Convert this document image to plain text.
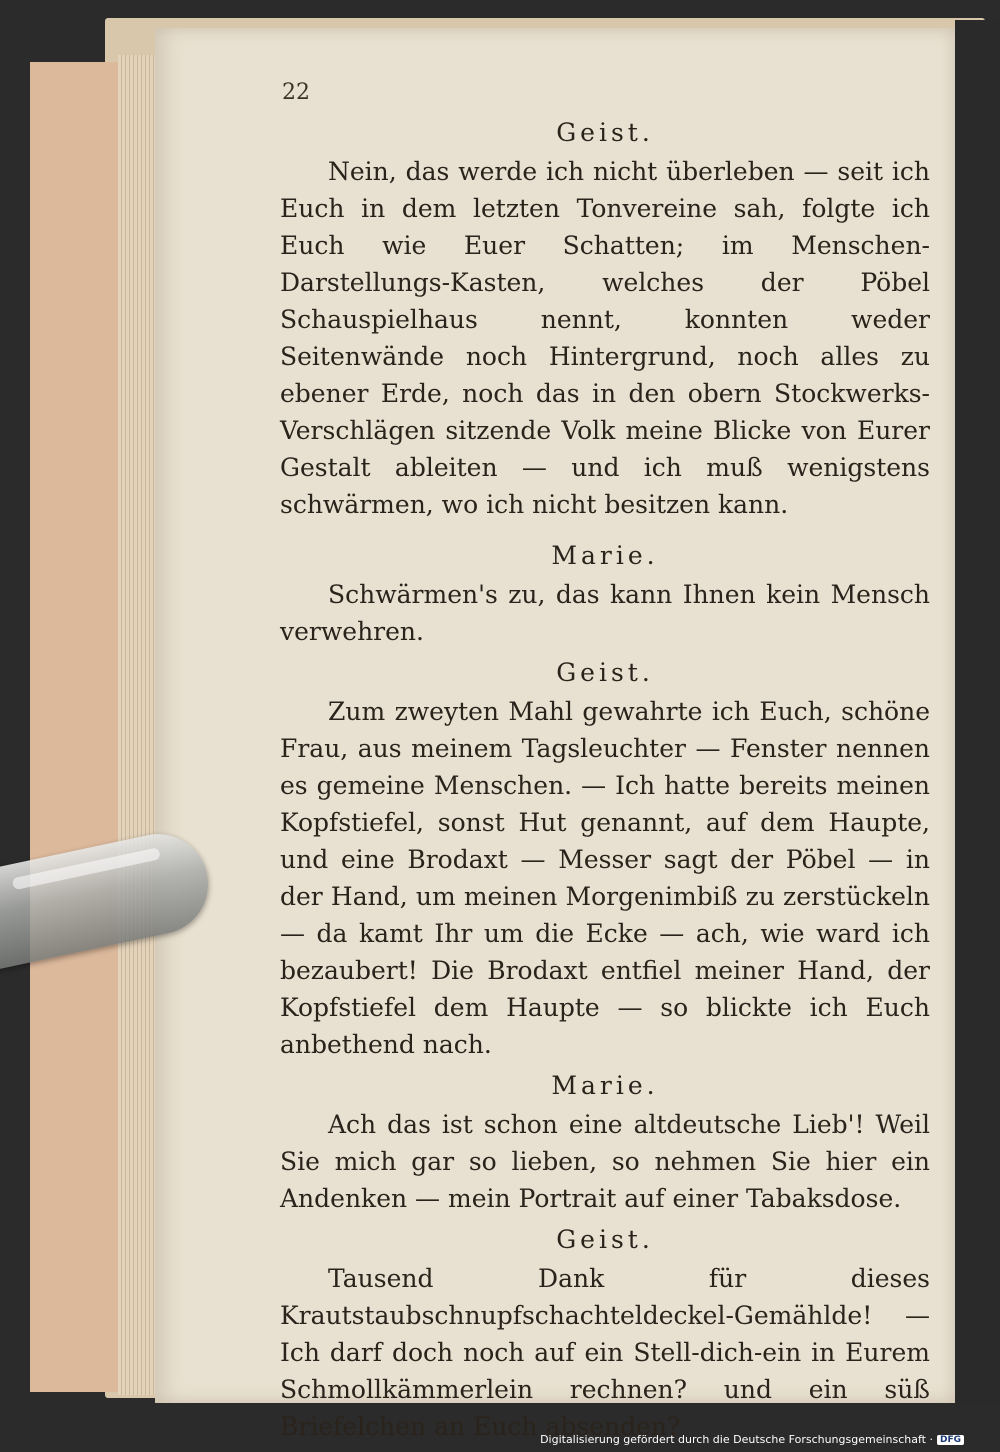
22
Geist.

Nein, das werde ich nicht überleben — seit ich Euch in dem letzten Tonvereine sah, folgte ich Euch wie Euer Schatten; im Menschen-Darstellungs-Kasten, welches der Pöbel Schauspielhaus nennt, konnten weder Seitenwände noch Hintergrund, noch alles zu ebener Erde, noch das in den obern Stockwerks-Verschlägen sitzende Volk meine Blicke von Eurer Gestalt ableiten — und ich muß wenigstens schwärmen, wo ich nicht besitzen kann.

Marie.

Schwärmen's zu, das kann Ihnen kein Mensch verwehren.

Geist.

Zum zweyten Mahl gewahrte ich Euch, schöne Frau, aus meinem Tagsleuchter — Fenster nennen es gemeine Menschen. — Ich hatte bereits meinen Kopfstiefel, sonst Hut genannt, auf dem Haupte, und eine Brodaxt — Messer sagt der Pöbel — in der Hand, um meinen Morgenimbiß zu zerstückeln — da kamt Ihr um die Ecke — ach, wie ward ich bezaubert! Die Brodaxt entfiel meiner Hand, der Kopfstiefel dem Haupte — so blickte ich Euch anbethend nach.

Marie.

Ach das ist schon eine altdeutsche Lieb'! Weil Sie mich gar so lieben, so nehmen Sie hier ein Andenken — mein Portrait auf einer Tabaksdose.

Geist.

Tausend Dank für dieses Krautstaubschnupfschachteldeckel-Gemählde! — Ich darf doch noch auf ein Stell-dich-ein in Eurem Schmollkämmerlein rechnen? und ein süß Briefelchen an Euch absenden?

Digitalisierung gefördert durch die Deutsche Forschungsgemeinschaft · DFG
